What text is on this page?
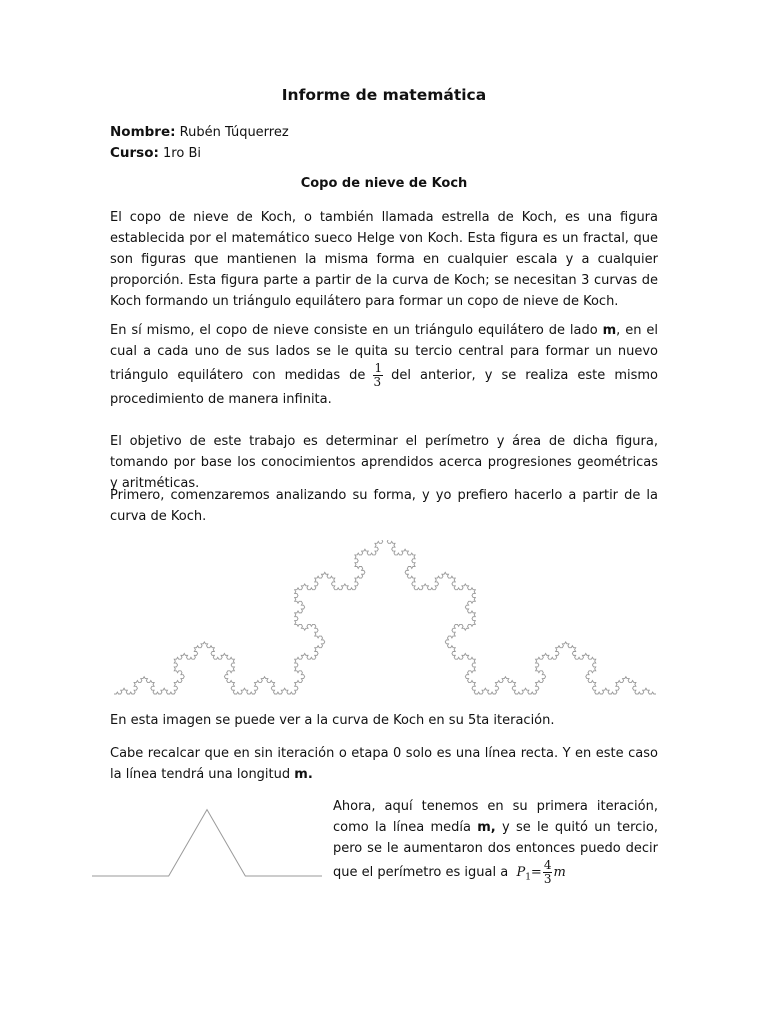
Informe de matemática
Nombre: Rubén Túquerrez
Curso: 1ro Bi
Copo de nieve de Koch

El copo de nieve de Koch, o también llamada estrella de Koch, es una figura establecida por el matemático sueco Helge von Koch. Esta figura es un fractal, que son figuras que mantienen la misma forma en cualquier escala y a cualquier proporción. Esta figura parte a partir de la curva de Koch; se necesitan 3 curvas de Koch formando un triángulo equilátero para formar un copo de nieve de Koch.

En sí mismo, el copo de nieve consiste en un triángulo equilátero de lado m, en el cual a cada uno de sus lados se le quita su tercio central para formar un nuevo triángulo equilátero con medidas de $\frac{1}{3}$ del anterior, y se realiza este mismo procedimiento de manera infinita.

El objetivo de este trabajo es determinar el perímetro y área de dicha figura, tomando por base los conocimientos aprendidos acerca progresiones geométricas y aritméticas.

Primero, comenzaremos analizando su forma, y yo prefiero hacerlo a partir de la curva de Koch.

En esta imagen se puede ver a la curva de Koch en su 5ta iteración.

Cabe recalcar que en sin iteración o etapa 0 solo es una línea recta. Y en este caso la línea tendrá una longitud m.

Ahora, aquí tenemos en su primera iteración, como la línea medía m, y se le quitó un tercio, pero se le aumentaron dos entonces puedo decir que el perímetro es igual a $P_1= \frac{4}{3}$ m
